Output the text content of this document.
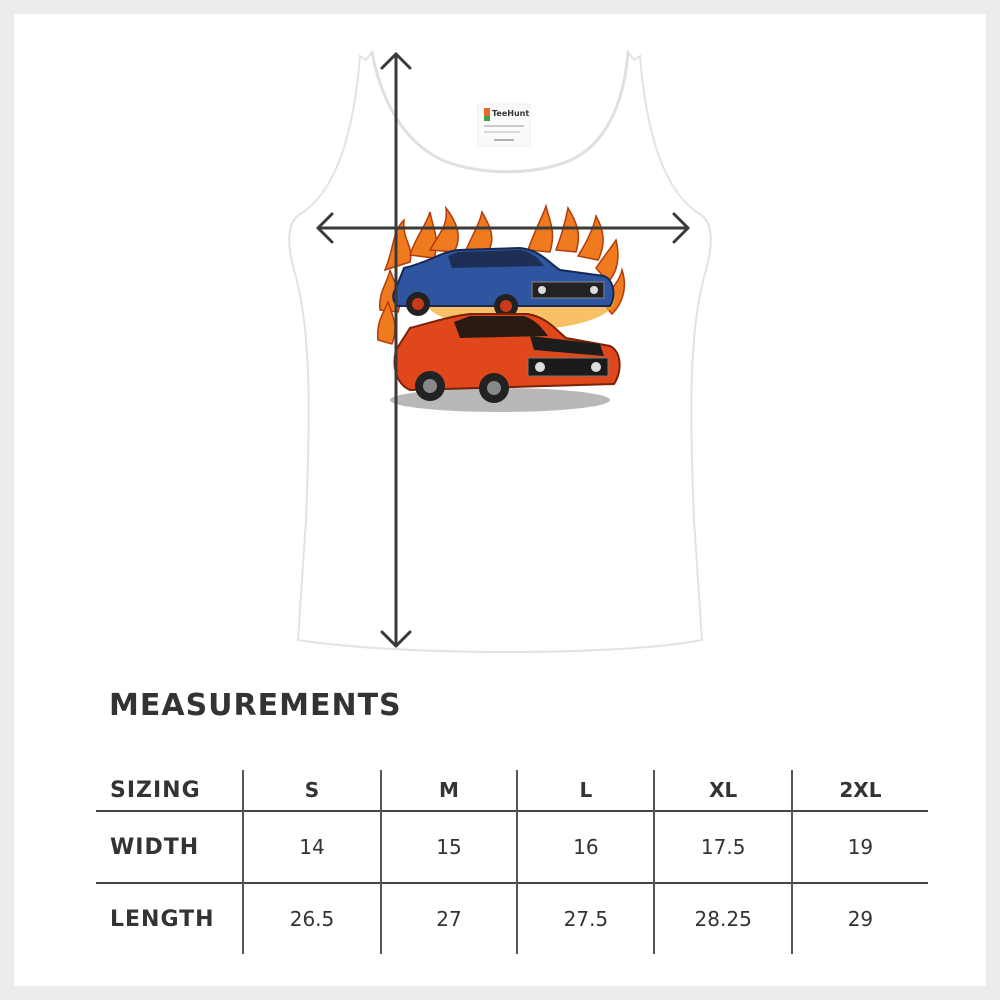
TeeHunt
MEASUREMENTS
SIZING	S	M	L	XL	2XL
WIDTH	14	15	16	17.5	19
LENGTH	26.5	27	27.5	28.25	29
